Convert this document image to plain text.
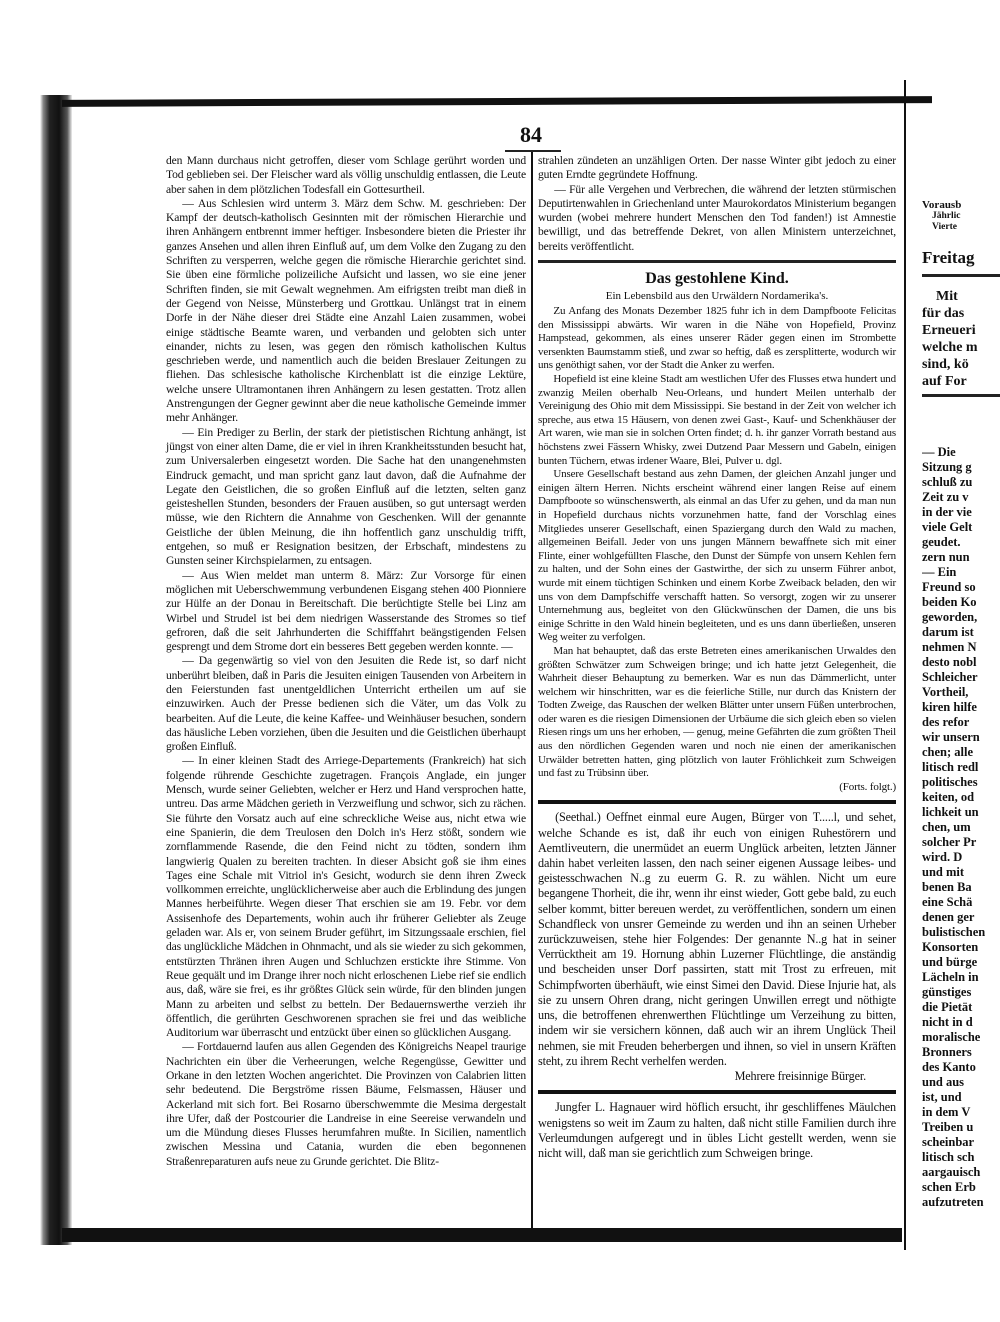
84

den Mann durchaus nicht getroffen, dieser vom Schlage gerührt worden und Tod geblieben sei. Der Fleischer ward als völlig unschuldig entlassen, die Leute aber sahen in dem plötzlichen Todesfall ein Gottesurtheil.

— Aus Schlesien wird unterm 3. März dem Schw. M. geschrieben: Der Kampf der deutsch-katholisch Gesinnten mit der römischen Hierarchie und ihren Anhängern entbrennt immer heftiger. Insbesondere bieten die Priester ihr ganzes Ansehen und allen ihren Einfluß auf, um dem Volke den Zugang zu den Schriften zu versperren, welche gegen die römische Hierarchie gerichtet sind. Sie üben eine förmliche polizeiliche Aufsicht und lassen, wo sie eine jener Schriften finden, sie mit Gewalt wegnehmen. Am eifrigsten treibt man dieß in der Gegend von Neisse, Münsterberg und Grottkau. Unlängst trat in einem Dorfe in der Nähe dieser drei Städte eine Anzahl Laien zusammen, wobei einige städtische Beamte waren, und verbanden und gelobten sich unter einander, nichts zu lesen, was gegen den römisch katholischen Kultus geschrieben werde, und namentlich auch die beiden Breslauer Zeitungen zu fliehen. Das schlesische katholische Kirchenblatt ist die einzige Lektüre, welche unsere Ultramontanen ihren Anhängern zu lesen gestatten. Trotz allen Anstrengungen der Gegner gewinnt aber die neue katholische Gemeinde immer mehr Anhänger.

— Ein Prediger zu Berlin, der stark der pietistischen Richtung anhängt, ist jüngst von einer alten Dame, die er viel in ihren Krankheitsstunden besucht hat, zum Universalerben eingesetzt worden. Die Sache hat den unangenehmsten Eindruck gemacht, und man spricht ganz laut davon, daß die Aufnahme der Legate den Geistlichen, die so großen Einfluß auf die letzten, selten ganz geisteshellen Stunden, besonders der Frauen ausüben, so gut untersagt werden müsse, wie den Richtern die Annahme von Geschenken. Will der genannte Geistliche der üblen Meinung, die ihn hoffentlich ganz unschuldig trifft, entgehen, so muß er Resignation besitzen, der Erbschaft, mindestens zu Gunsten seiner Kirchspielarmen, zu entsagen.

— Aus Wien meldet man unterm 8. März: Zur Vorsorge für einen möglichen mit Ueberschwemmung verbundenen Eisgang stehen 400 Pionniere zur Hülfe an der Donau in Bereitschaft. Die berüchtigte Stelle bei Linz am Wirbel und Strudel ist bei dem niedrigen Wasserstande des Stromes so tief gefroren, daß die seit Jahrhunderten die Schifffahrt beängstigenden Felsen gesprengt und dem Strome dort ein besseres Bett gegeben werden konnte. —

— Da gegenwärtig so viel von den Jesuiten die Rede ist, so darf nicht unberührt bleiben, daß in Paris die Jesuiten einigen Tausenden von Arbeitern in den Feierstunden fast unentgeldlichen Unterricht ertheilen um auf sie einzuwirken. Auch der Presse bedienen sich die Väter, um das Volk zu bearbeiten. Auf die Leute, die keine Kaffee- und Weinhäuser besuchen, sondern das häusliche Leben vorziehen, üben die Jesuiten und die Geistlichen überhaupt großen Einfluß.

— In einer kleinen Stadt des Arriege-Departements (Frankreich) hat sich folgende rührende Geschichte zugetragen. François Anglade, ein junger Mensch, wurde seiner Geliebten, welcher er Herz und Hand versprochen hatte, untreu. Das arme Mädchen gerieth in Verzweiflung und schwor, sich zu rächen. Sie führte den Vorsatz auch auf eine schreckliche Weise aus, nicht etwa wie eine Spanierin, die dem Treulosen den Dolch in's Herz stößt, sondern wie zornflammende Rasende, die den Feind nicht zu tödten, sondern ihm langwierig Qualen zu bereiten trachten. In dieser Absicht goß sie ihm eines Tages eine Schale mit Vitriol in's Gesicht, wodurch sie denn ihren Zweck vollkommen erreichte, unglücklicherweise aber auch die Erblindung des jungen Mannes herbeiführte. Wegen dieser That erschien sie am 19. Febr. vor dem Assisenhofe des Departements, wohin auch ihr früherer Geliebter als Zeuge geladen war. Als er, von seinem Bruder geführt, im Sitzungssaale erschien, fiel das unglückliche Mädchen in Ohnmacht, und als sie wieder zu sich gekommen, entstürzten Thränen ihren Augen und Schluchzen erstickte ihre Stimme. Von Reue gequält und im Drange ihrer noch nicht erloschenen Liebe rief sie endlich aus, daß, wäre sie frei, es ihr größtes Glück sein würde, für den blinden jungen Mann zu arbeiten und selbst zu betteln. Der Bedauernswerthe verzieh ihr öffentlich, die gerührten Geschworenen sprachen sie frei und das weibliche Auditorium war überrascht und entzückt über einen so glücklichen Ausgang.

— Fortdauernd laufen aus allen Gegenden des Königreichs Neapel traurige Nachrichten ein über die Verheerungen, welche Regengüsse, Gewitter und Orkane in den letzten Wochen angerichtet. Die Provinzen von Calabrien litten sehr bedeutend. Die Bergströme rissen Bäume, Felsmassen, Häuser und Ackerland mit sich fort. Bei Rosarno überschwemmte die Mesima dergestalt ihre Ufer, daß der Postcourier die Landreise in eine Seereise verwandeln und um die Mündung dieses Flusses herumfahren mußte. In Sicilien, namentlich zwischen Messina und Catania, wurden die eben begonnenen Straßenreparaturen aufs neue zu Grunde gerichtet. Die Blitz-

strahlen zündeten an unzähligen Orten. Der nasse Winter gibt jedoch zu einer guten Erndte gegründete Hoffnung.

— Für alle Vergehen und Verbrechen, die während der letzten stürmischen Deputirtenwahlen in Griechenland unter Maurokordatos Ministerium begangen wurden (wobei mehrere hundert Menschen den Tod fanden!) ist Amnestie bewilligt, und das betreffende Dekret, von allen Ministern unterzeichnet, bereits veröffentlicht.

Das gestohlene Kind.
Ein Lebensbild aus den Urwäldern Nordamerika's.

Zu Anfang des Monats Dezember 1825 fuhr ich in dem Dampfboote Felicitas den Mississippi abwärts. Wir waren in die Nähe von Hopefield, Provinz Hampstead, gekommen, als eines unserer Räder gegen einen im Strombette versenkten Baumstamm stieß, und zwar so heftig, daß es zersplitterte, wodurch wir uns genöthigt sahen, vor der Stadt die Anker zu werfen.

Hopefield ist eine kleine Stadt am westlichen Ufer des Flusses etwa hundert und zwanzig Meilen oberhalb Neu-Orleans, und hundert Meilen unterhalb der Vereinigung des Ohio mit dem Mississippi. Sie bestand in der Zeit von welcher ich spreche, aus etwa 15 Häusern, von denen zwei Gast-, Kauf- und Schenkhäuser der Art waren, wie man sie in solchen Orten findet; d. h. ihr ganzer Vorrath bestand aus höchstens zwei Fässern Whisky, zwei Dutzend Paar Messern und Gabeln, einigen bunten Tüchern, etwas irdener Waare, Blei, Pulver u. dgl.

Unsere Gesellschaft bestand aus zehn Damen, der gleichen Anzahl junger und einigen ältern Herren. Nichts erscheint während einer langen Reise auf einem Dampfboote so wünschenswerth, als einmal an das Ufer zu gehen, und da man nun in Hopefield durchaus nichts vorzunehmen hatte, fand der Vorschlag eines Mitgliedes unserer Gesellschaft, einen Spaziergang durch den Wald zu machen, allgemeinen Beifall. Jeder von uns jungen Männern bewaffnete sich mit einer Flinte, einer wohlgefüllten Flasche, den Dunst der Sümpfe von unsern Kehlen fern zu halten, und der Sohn eines der Gastwirthe, der sich zu unserm Führer anbot, wurde mit einem tüchtigen Schinken und einem Korbe Zweiback beladen, den wir uns von dem Dampfschiffe verschafft hatten. So versorgt, zogen wir zu unserer Unternehmung aus, begleitet von den Glückwünschen der Damen, die uns bis einige Schritte in den Wald hinein begleiteten, und es uns dann überließen, unseren Weg weiter zu verfolgen.

Man hat behauptet, daß das erste Betreten eines amerikanischen Urwaldes den größten Schwätzer zum Schweigen bringe; und ich hatte jetzt Gelegenheit, die Wahrheit dieser Behauptung zu bemerken. War es nun das Dämmerlicht, unter welchem wir hinschritten, war es die feierliche Stille, nur durch das Knistern der Todten Zweige, das Rauschen der welken Blätter unter unsern Füßen unterbrochen, oder waren es die riesigen Dimensionen der Urbäume die sich gleich eben so vielen Riesen rings um uns her erhoben, — genug, meine Gefährten die zum größten Theil aus den nördlichen Gegenden waren und noch nie einen der amerikanischen Urwälder betretten hatten, ging plötzlich von lauter Fröhlichkeit zum Schweigen und fast zu Trübsinn über.

(Forts. folgt.)

(Seethal.) Oeffnet einmal eure Augen, Bürger von T.....l, und sehet, welche Schande es ist, daß ihr euch von einigen Ruhestörern und Aemtliveutern, die unermüdet an euerm Unglück arbeiten, letzten Jänner dahin habet verleiten lassen, den nach seiner eigenen Aussage leibes- und geistesschwachen N..g zu euerm G. R. zu wählen. Nicht um eure begangene Thorheit, die ihr, wenn ihr einst wieder, Gott gebe bald, zu euch selber kommt, bitter bereuen werdet, zu veröffentlichen, sondern um einen Schandfleck von unsrer Gemeinde zu werden und ihn an seinen Urheber zurückzuweisen, stehe hier Folgendes: Der genannte N..g hat in seiner Verrücktheit am 19. Hornung abhin Luzerner Flüchtlinge, die anständig und bescheiden unser Dorf passirten, statt mit Trost zu erfreuen, mit Schimpfworten überhäuft, wie einst Simei den David. Diese Injurie hat, als sie zu unsern Ohren drang, nicht geringen Unwillen erregt und nöthigte uns, die betroffenen ehrenwerthen Flüchtlinge um Verzeihung zu bitten, indem wir sie versichern können, daß auch wir an ihrem Unglück Theil nehmen, sie mit Freuden beherbergen und ihnen, so viel in unsern Kräften steht, zu ihrem Recht verhelfen werden.

Mehrere freisinnige Bürger.

Jungfer L. Hagnauer wird höflich ersucht, ihr geschliffenes Mäulchen wenigstens so weit im Zaum zu halten, daß nicht stille Familien durch ihre Verleumdungen aufgeregt und in übles Licht gestellt werden, wenn sie nicht will, daß man sie gerichtlich zum Schweigen bringe.

Vorausb
Jährlic
Vierte
Freitag
Mit
für das
Erneueri
welche m
sind, kö
auf For
— Die
Sitzung g
schluß zu
Zeit zu v
in der vie
viele Gelt
geudet.
zern nun
— Ein
Freund so
beiden Ko
geworden,
darum ist
nehmen N
desto nobl
Schleicher
Vortheil,
kiren hilfe
des refor
wir unsern
chen; alle
litisch redl
politisches
keiten, od
lichkeit un
chen, um
solcher Pr
wird. D
und mit
benen Ba
eine Schä
denen ger
bulistischen
Konsorten
und bürge
Lächeln in
günstiges
die Pietät
nicht in d
moralische
Bronners
des Kanto
und aus
ist, und
in dem V
Treiben u
scheinbar
litisch sch
aargauisch
schen Erb
aufzutreten
